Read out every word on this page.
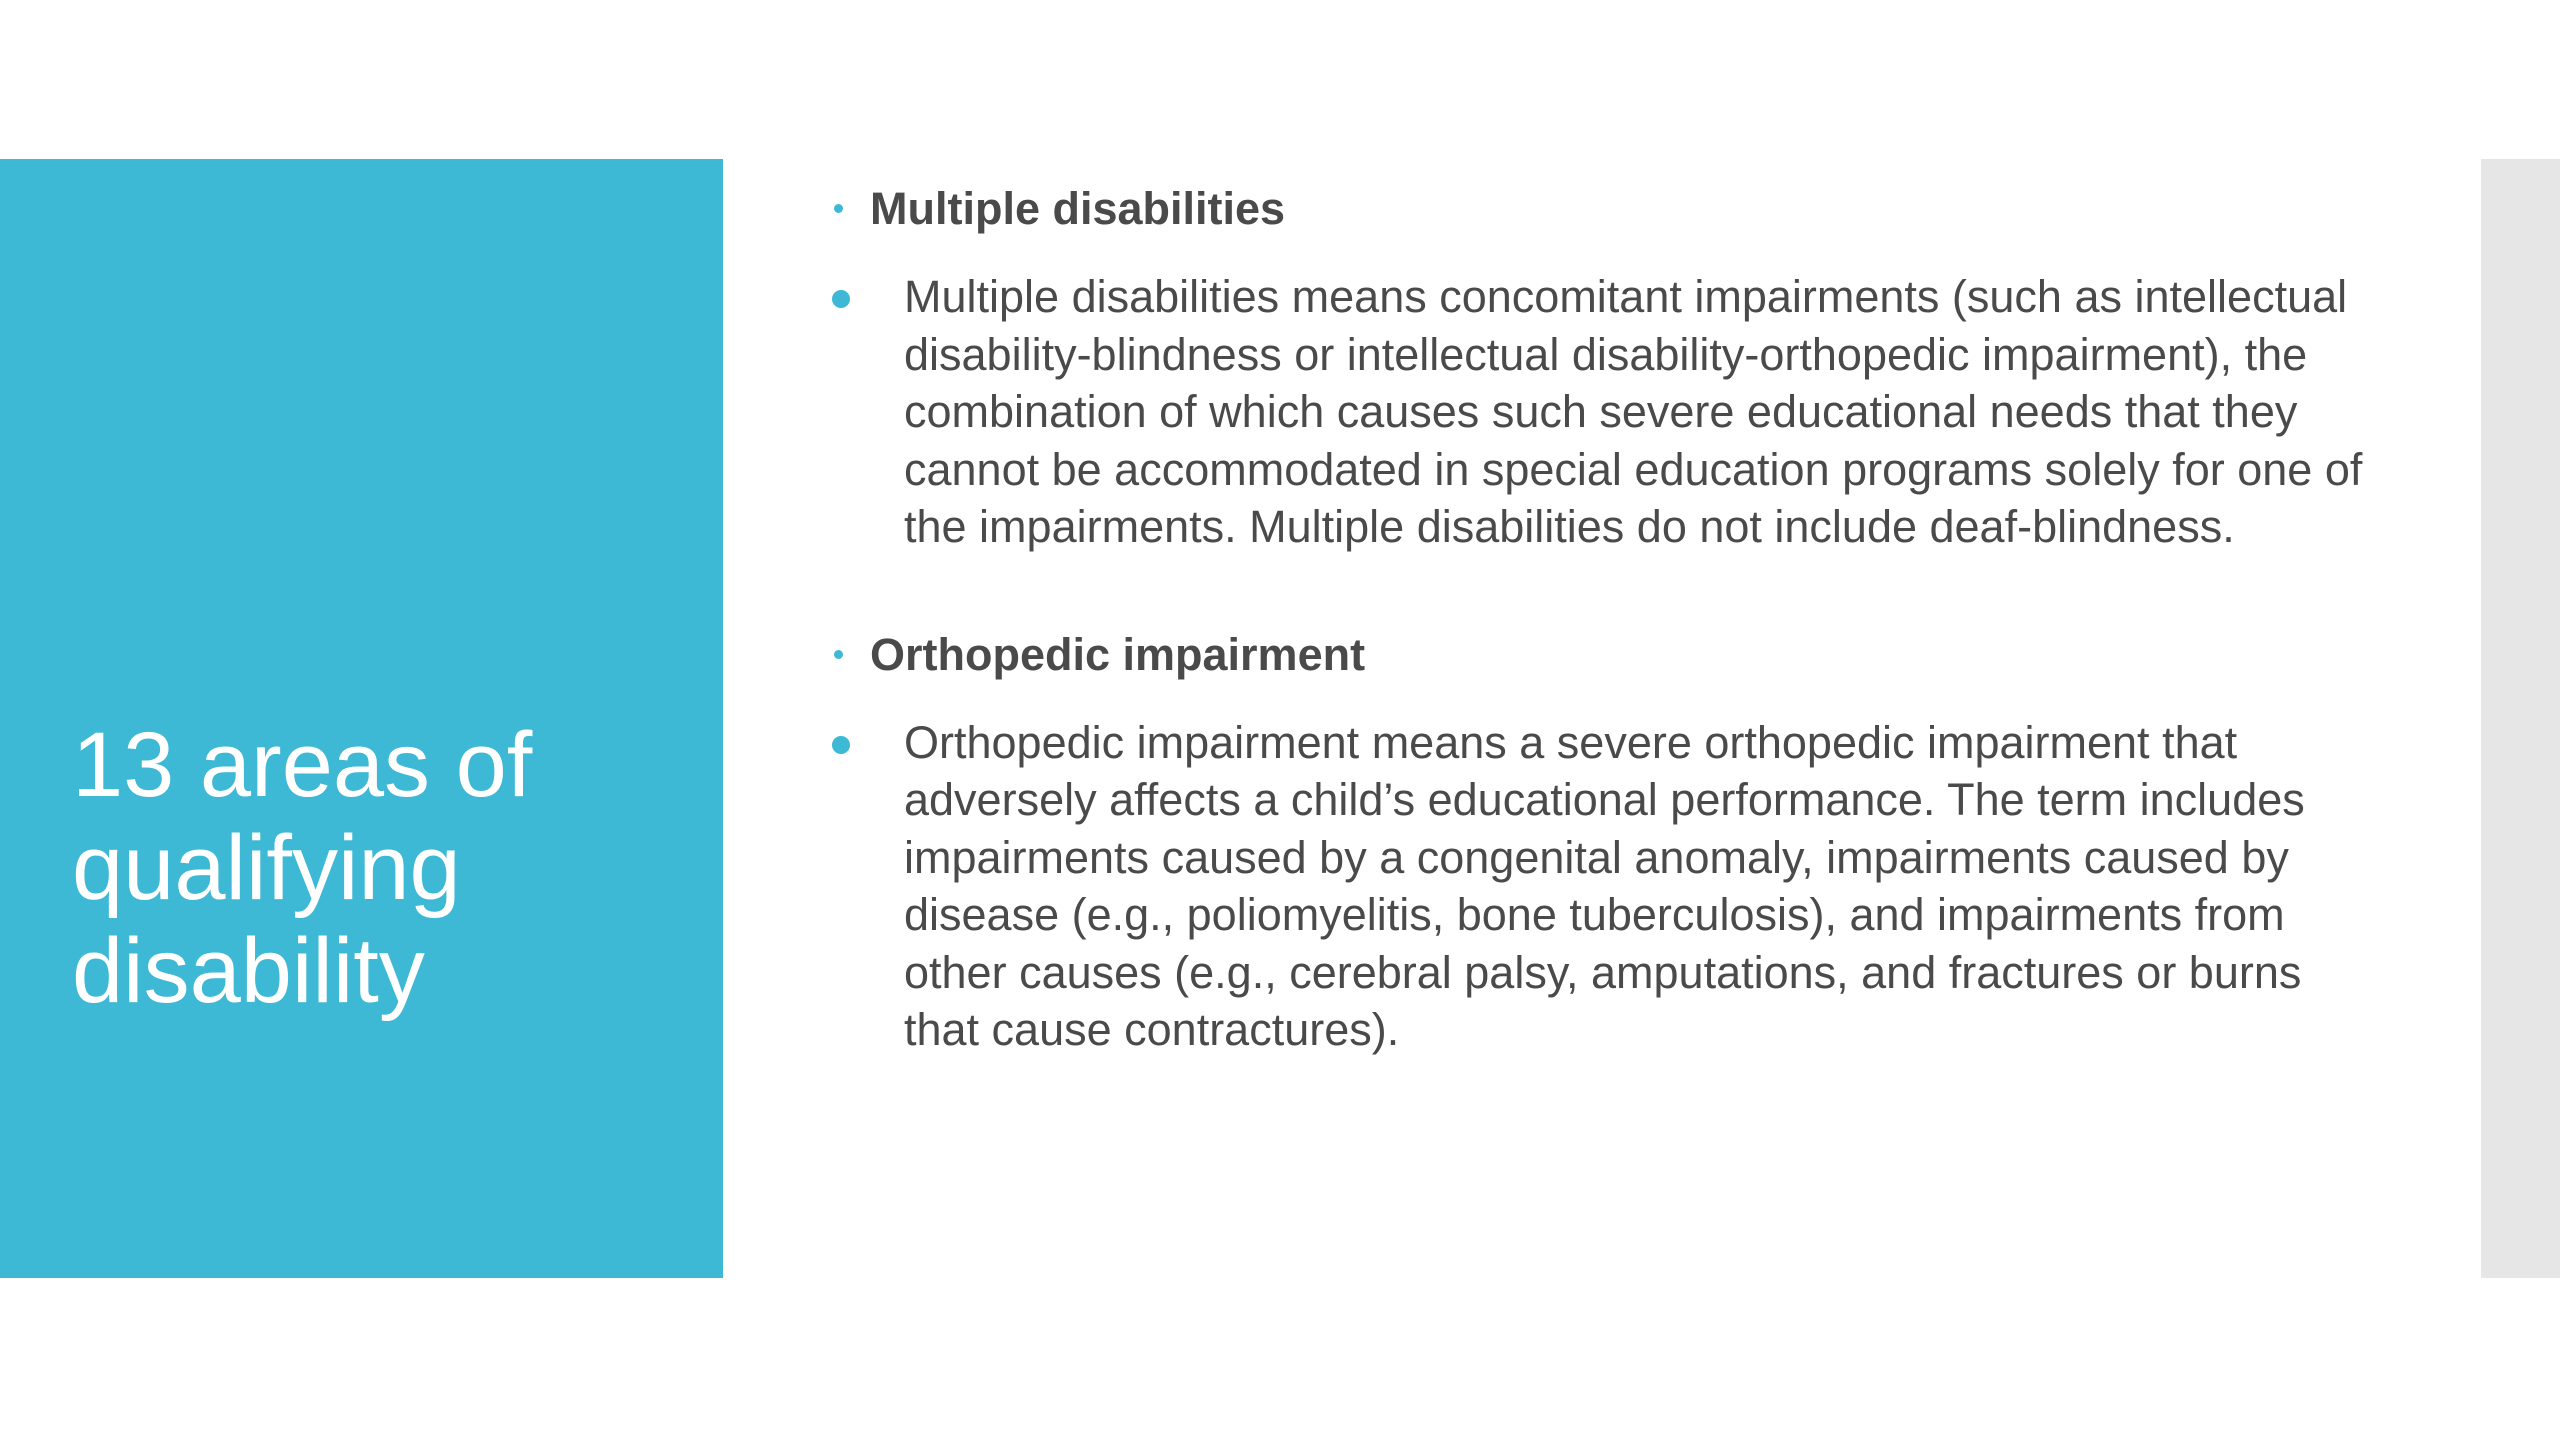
13 areas of qualifying disability
Multiple disabilities
Multiple disabilities means concomitant impairments (such as intellectual disability-blindness or intellectual disability-orthopedic impairment), the combination of which causes such severe educational needs that they cannot be accommodated in special education programs solely for one of the impairments. Multiple disabilities do not include deaf-blindness.
Orthopedic impairment
Orthopedic impairment means a severe orthopedic impairment that adversely affects a child’s educational performance. The term includes impairments caused by a congenital anomaly, impairments caused by disease (e.g., poliomyelitis, bone tuberculosis), and impairments from other causes (e.g., cerebral palsy, amputations, and fractures or burns that cause contractures).
